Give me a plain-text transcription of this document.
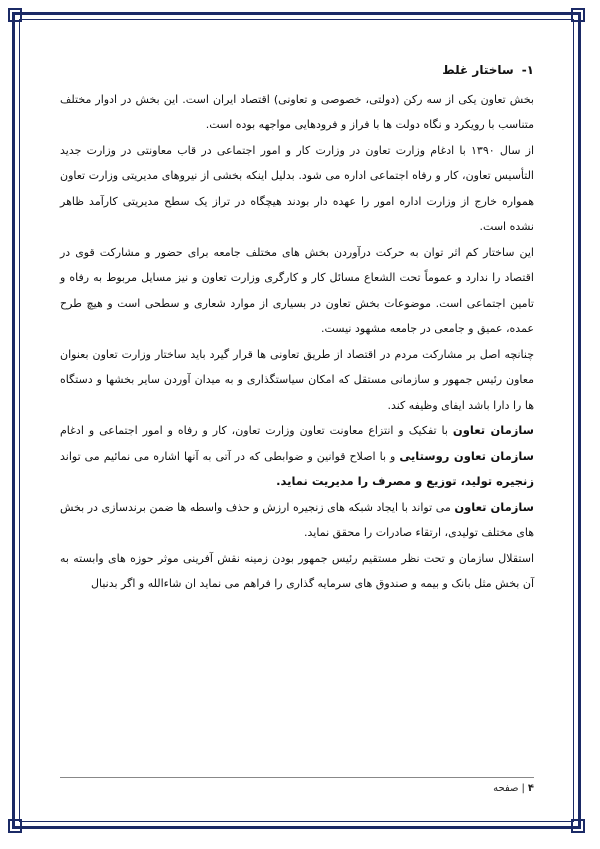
۱-ساختار غلط

بخش تعاون یکی از سه رکن (دولتی، خصوصی و تعاونی) اقتصاد ایران است. این بخش در ادوار مختلف متناسب با رویکرد و نگاه دولت ها با فراز و فرودهایی مواجهه بوده است.

از سال ۱۳۹۰ با ادغام وزارت تعاون در وزارت کار و امور اجتماعی در قاب معاونتی در وزارت جدید التأسیس تعاون، کار و رفاه اجتماعی اداره می شود. بدلیل اینکه بخشی از نیروهای مدیریتی وزارت تعاون همواره خارج از وزارت اداره امور را عهده دار بودند هیچگاه در تراز یک سطح مدیریتی کارآمد ظاهر نشده است.

این ساختار کم اثر توان به حرکت درآوردن بخش های مختلف جامعه برای حضور و مشارکت قوی در اقتصاد را ندارد و عموماً تحت الشعاع مسائل کار و کارگری وزارت تعاون و نیز مسایل مربوط به رفاه و تامین اجتماعی است. موضوعات بخش تعاون در بسیاری از موارد شعاری و سطحی است و هیچ طرح عمده، عمیق و جامعی در جامعه مشهود نیست.

چنانچه اصل بر مشارکت مردم در اقتصاد از طریق تعاونی ها قرار گیرد باید ساختار وزارت تعاون بعنوان معاون رئیس جمهور و سازمانی مستقل که امکان سیاستگذاری و به میدان آوردن سایر بخشها و دستگاه ها را دارا باشد ایفای وظیفه کند.

سازمان تعاون با تفکیک و انتزاع معاونت تعاون وزارت تعاون، کار و رفاه و امور اجتماعی و ادغام سازمان تعاون روستایی و با اصلاح قوانین و ضوابطی که در آتی به آنها اشاره می نمائیم می تواند زنجیره تولید، توزیع و مصرف را مدیریت نماید.

سازمان تعاون می تواند با ایجاد شبکه های زنجیره ارزش و حذف واسطه ها ضمن برندسازی در بخش های مختلف تولیدی، ارتقاء صادرات را محقق نماید.

استقلال سازمان و تحت نظر مستقیم رئیس جمهور بودن زمینه نقش آفرینی موثر حوزه های وابسته به آن بخش مثل بانک و بیمه و صندوق های سرمایه گذاری را فراهم می نماید ان شاءالله و اگر بدنبال

۴|صفحه
